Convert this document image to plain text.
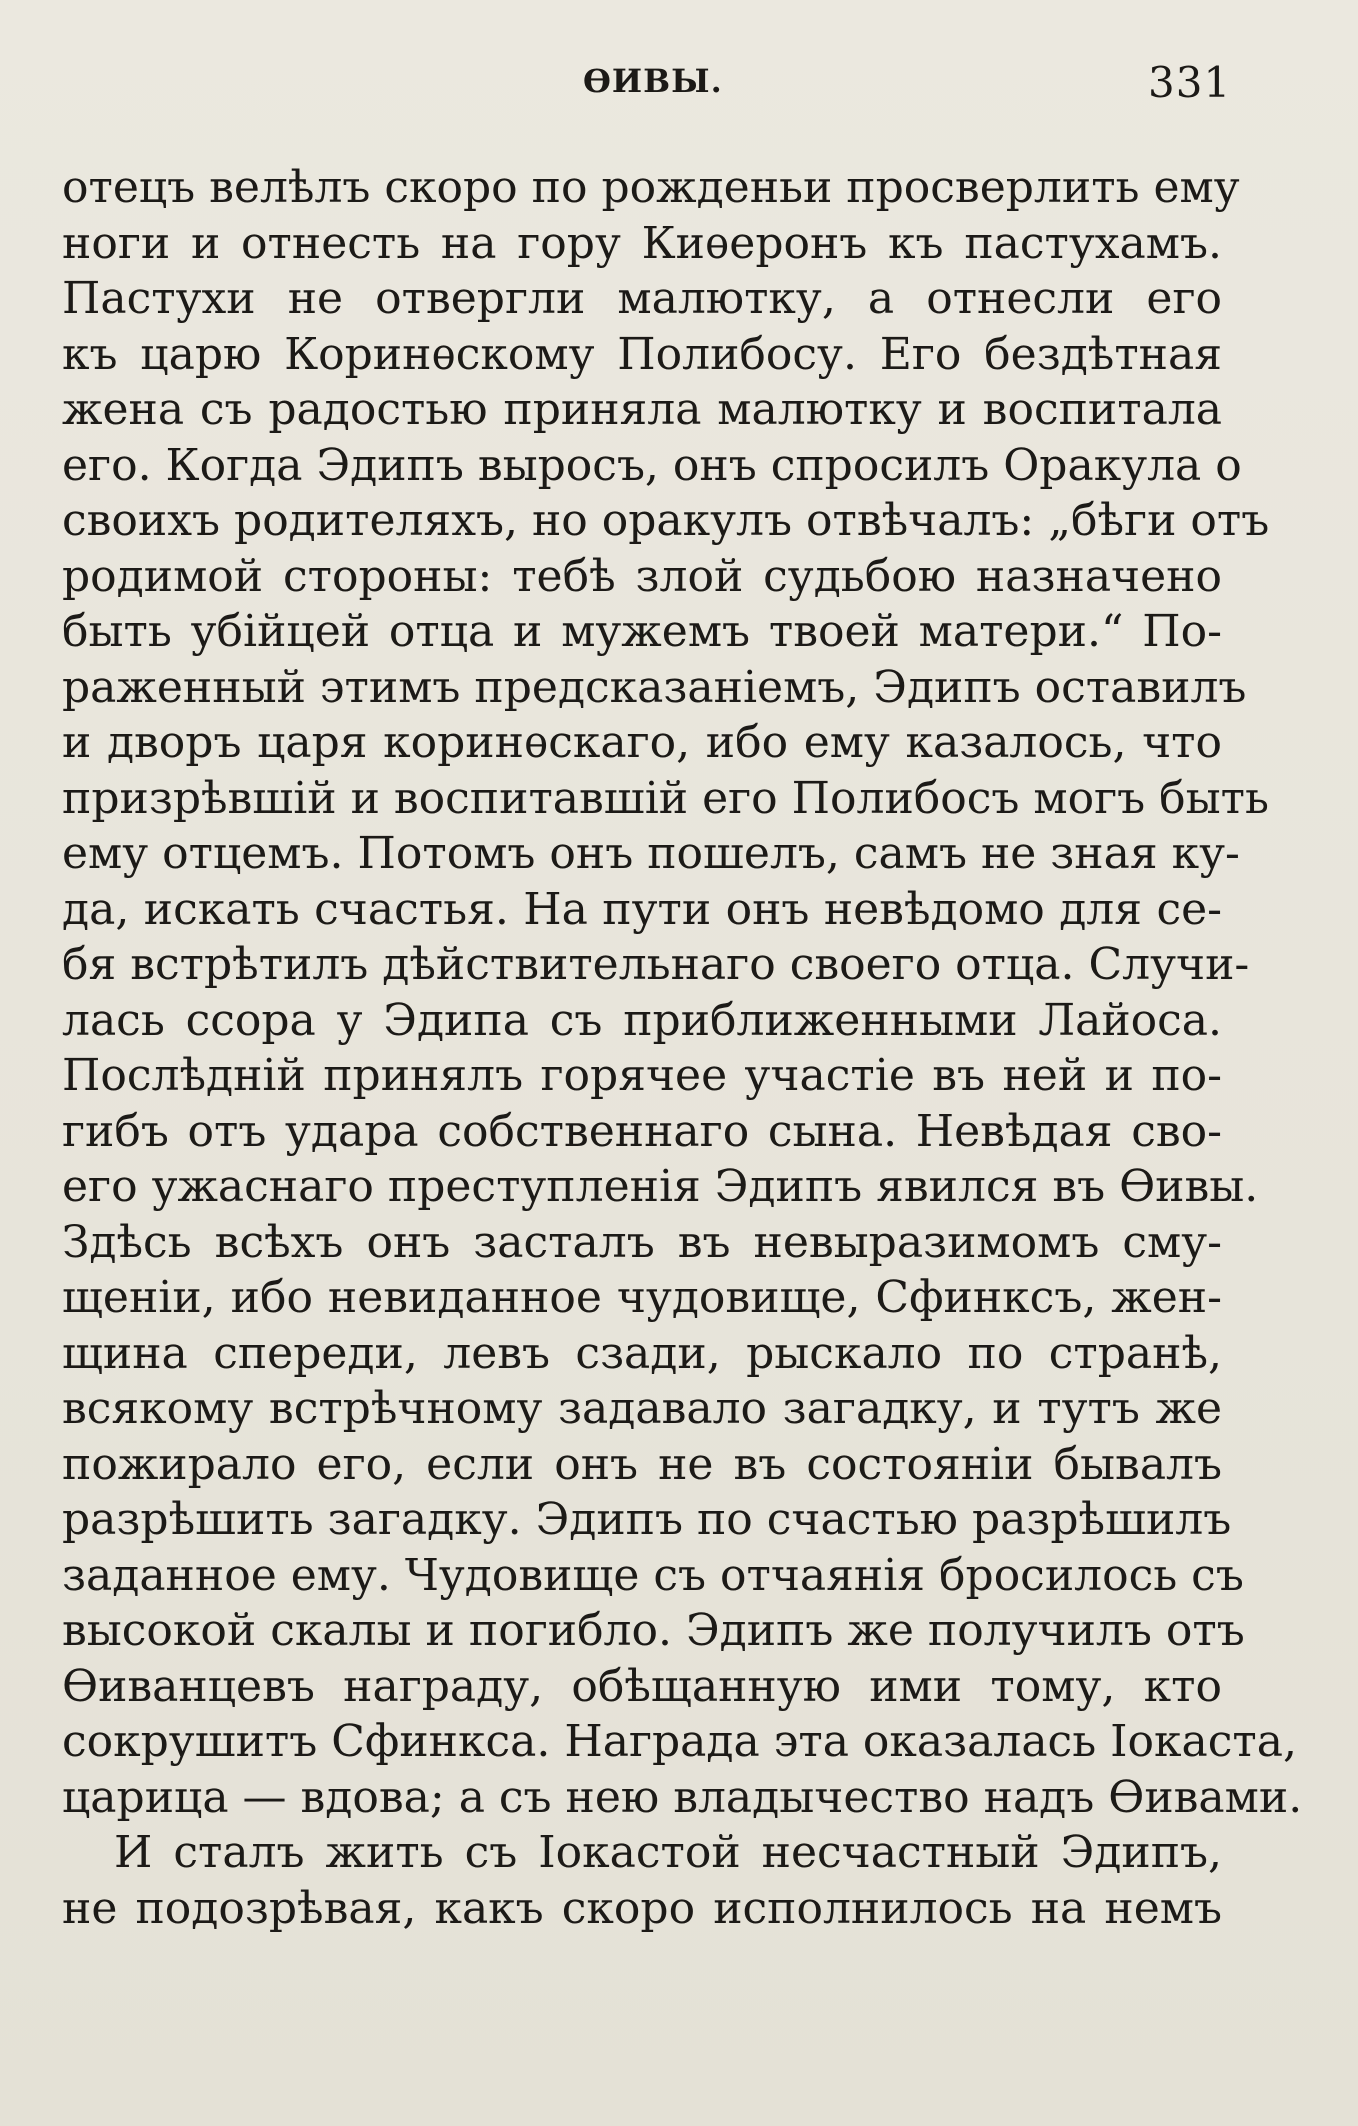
ѲИВЫ.	331
отецъ велѣлъ скоро по рожденьи просверлить ему
ноги и отнесть на гору Киѳеронъ къ пастухамъ.
Пастухи не отвергли малютку, а отнесли его
къ царю Коринѳскому Полибосу. Его бездѣтная
жена съ радостью приняла малютку и воспитала
его. Когда Эдипъ выросъ, онъ спросилъ Оракула о
своихъ родителяхъ, но оракулъ отвѣчалъ: „бѣги отъ
родимой стороны: тебѣ злой судьбою назначено
быть убійцей отца и мужемъ твоей матери.“ По-
раженный этимъ предсказаніемъ, Эдипъ оставилъ
и дворъ царя коринѳскаго, ибо ему казалось, что
призрѣвшій и воспитавшій его Полибосъ могъ быть
ему отцемъ. Потомъ онъ пошелъ, самъ не зная ку-
да, искать счастья. На пути онъ невѣдомо для се-
бя встрѣтилъ дѣйствительнаго своего отца. Случи-
лась ссора у Эдипа съ приближенными Лайоса.
Послѣдній принялъ горячее участіе въ ней и по-
гибъ отъ удара собственнаго сына. Невѣдая сво-
его ужаснаго преступленія Эдипъ явился въ Ѳивы.
Здѣсь всѣхъ онъ засталъ въ невыразимомъ сму-
щеніи, ибо невиданное чудовище, Сфинксъ, жен-
щина спереди, левъ сзади, рыскало по странѣ,
всякому встрѣчному задавало загадку, и тутъ же
пожирало его, если онъ не въ состояніи бывалъ
разрѣшить загадку. Эдипъ по счастью разрѣшилъ
заданное ему. Чудовище съ отчаянія бросилось съ
высокой скалы и погибло. Эдипъ же получилъ отъ
Ѳиванцевъ награду, обѣщанную ими тому, кто
сокрушитъ Сфинкса. Награда эта оказалась Іокаста,
царица — вдова; а съ нею владычество надъ Ѳивами.
И сталъ жить съ Іокастой несчастный Эдипъ,
не подозрѣвая, какъ скоро исполнилось на немъ
